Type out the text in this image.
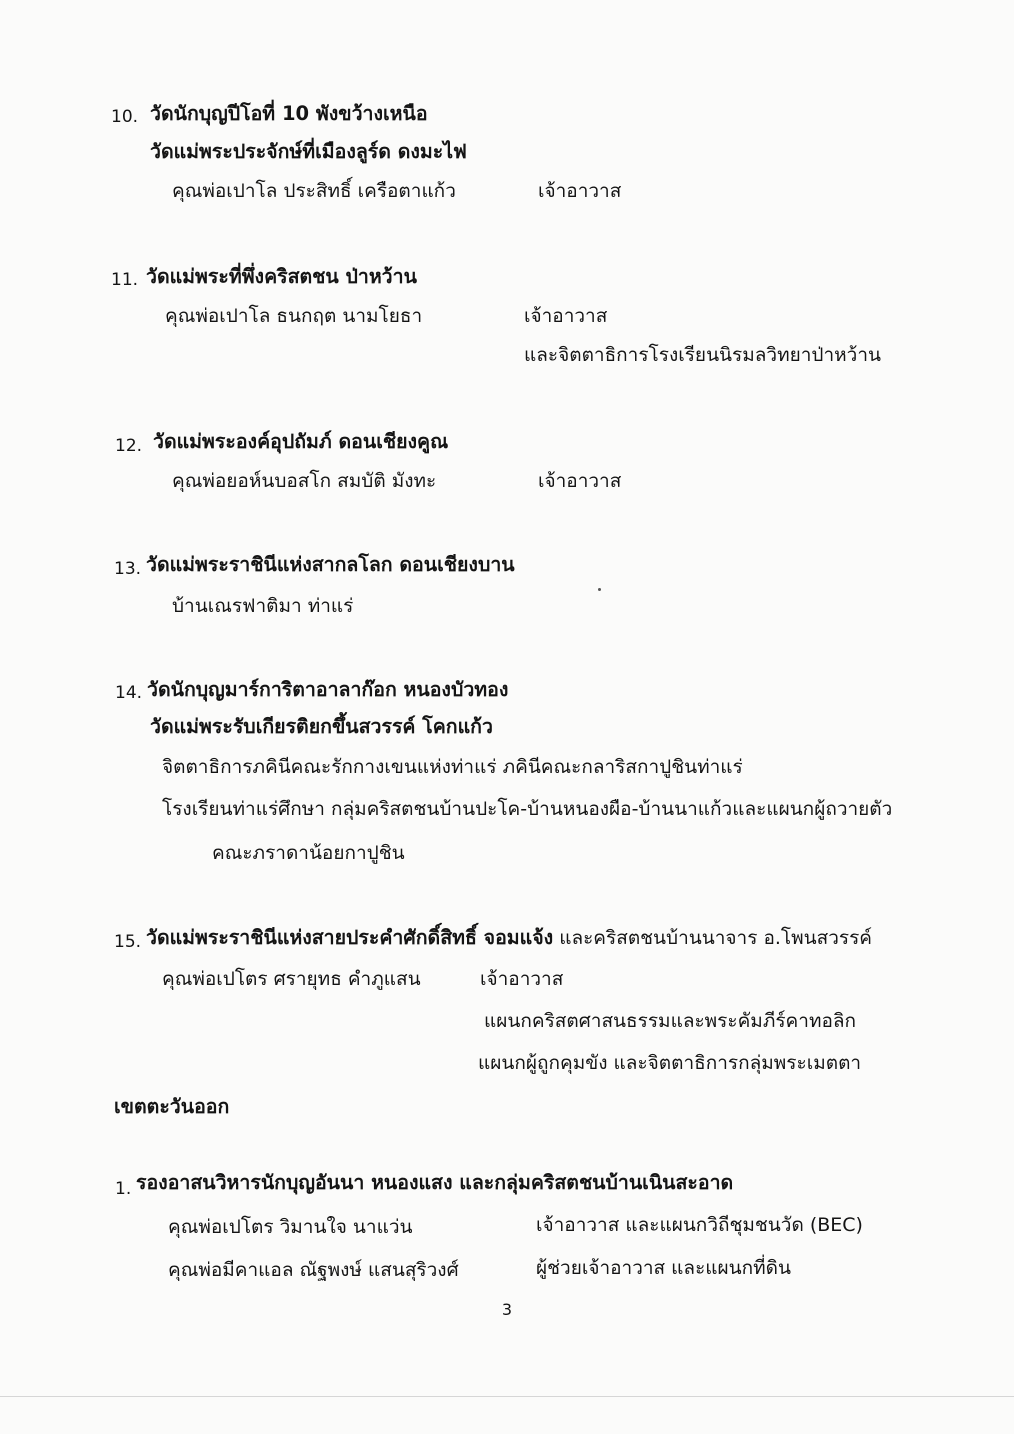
10. วัดนักบุญปีโอที่ 10 พังขว้างเหนือ
วัดแม่พระประจักษ์ที่เมืองลูร์ด ดงมะไฟ
คุณพ่อเปาโล ประสิทธิ์ เครือตาแก้ว	เจ้าอาวาส
11. วัดแม่พระที่พึ่งคริสตชน ป่าหว้าน
คุณพ่อเปาโล ธนกฤต นามโยธา	เจ้าอาวาส
และจิตตาธิการโรงเรียนนิรมลวิทยาป่าหว้าน
12. วัดแม่พระองค์อุปถัมภ์ ดอนเชียงคูณ
คุณพ่อยอห์นบอสโก สมบัติ มังทะ	เจ้าอาวาส
13. วัดแม่พระราชินีแห่งสากลโลก ดอนเชียงบาน
บ้านเณรฟาติมา ท่าแร่
14. วัดนักบุญมาร์การิตาอาลาก๊อก หนองบัวทอง
วัดแม่พระรับเกียรติยกขึ้นสวรรค์ โคกแก้ว
จิตตาธิการภคินีคณะรักกางเขนแห่งท่าแร่ ภคินีคณะกลาริสกาปูชินท่าแร่
โรงเรียนท่าแร่ศึกษา กลุ่มคริสตชนบ้านปะโค-บ้านหนองผือ-บ้านนาแก้วและแผนกผู้ถวายตัว
คณะภราดาน้อยกาปูชิน
15. วัดแม่พระราชินีแห่งสายประคำศักดิ์สิทธิ์ จอมแจ้ง และคริสตชนบ้านนาจาร อ.โพนสวรรค์
คุณพ่อเปโตร ศรายุทธ คำภูแสน	เจ้าอาวาส
แผนกคริสตศาสนธรรมและพระคัมภีร์คาทอลิก
แผนกผู้ถูกคุมขัง และจิตตาธิการกลุ่มพระเมตตา
เขตตะวันออก
1. รองอาสนวิหารนักบุญอันนา หนองแสง และกลุ่มคริสตชนบ้านเนินสะอาด
คุณพ่อเปโตร วิมานใจ นาแว่น	เจ้าอาวาส และแผนกวิถีชุมชนวัด (BEC)
คุณพ่อมีคาแอล ณัฐพงษ์ แสนสุริวงศ์	ผู้ช่วยเจ้าอาวาส และแผนกที่ดิน
3
